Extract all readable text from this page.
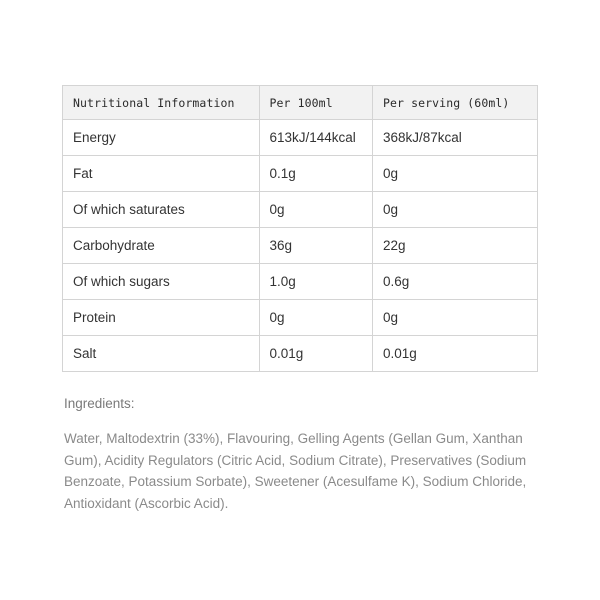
Nutritional Information	Per 100ml	Per serving (60ml)
Energy	613kJ/144kcal	368kJ/87kcal
Fat	0.1g	0g
Of which saturates	0g	0g
Carbohydrate	36g	22g
Of which sugars	1.0g	0.6g
Protein	0g	0g
Salt	0.01g	0.01g

Ingredients:

Water, Maltodextrin (33%), Flavouring, Gelling Agents (Gellan Gum, Xanthan Gum), Acidity Regulators (Citric Acid, Sodium Citrate), Preservatives (Sodium Benzoate, Potassium Sorbate), Sweetener (Acesulfame K), Sodium Chloride, Antioxidant (Ascorbic Acid).
